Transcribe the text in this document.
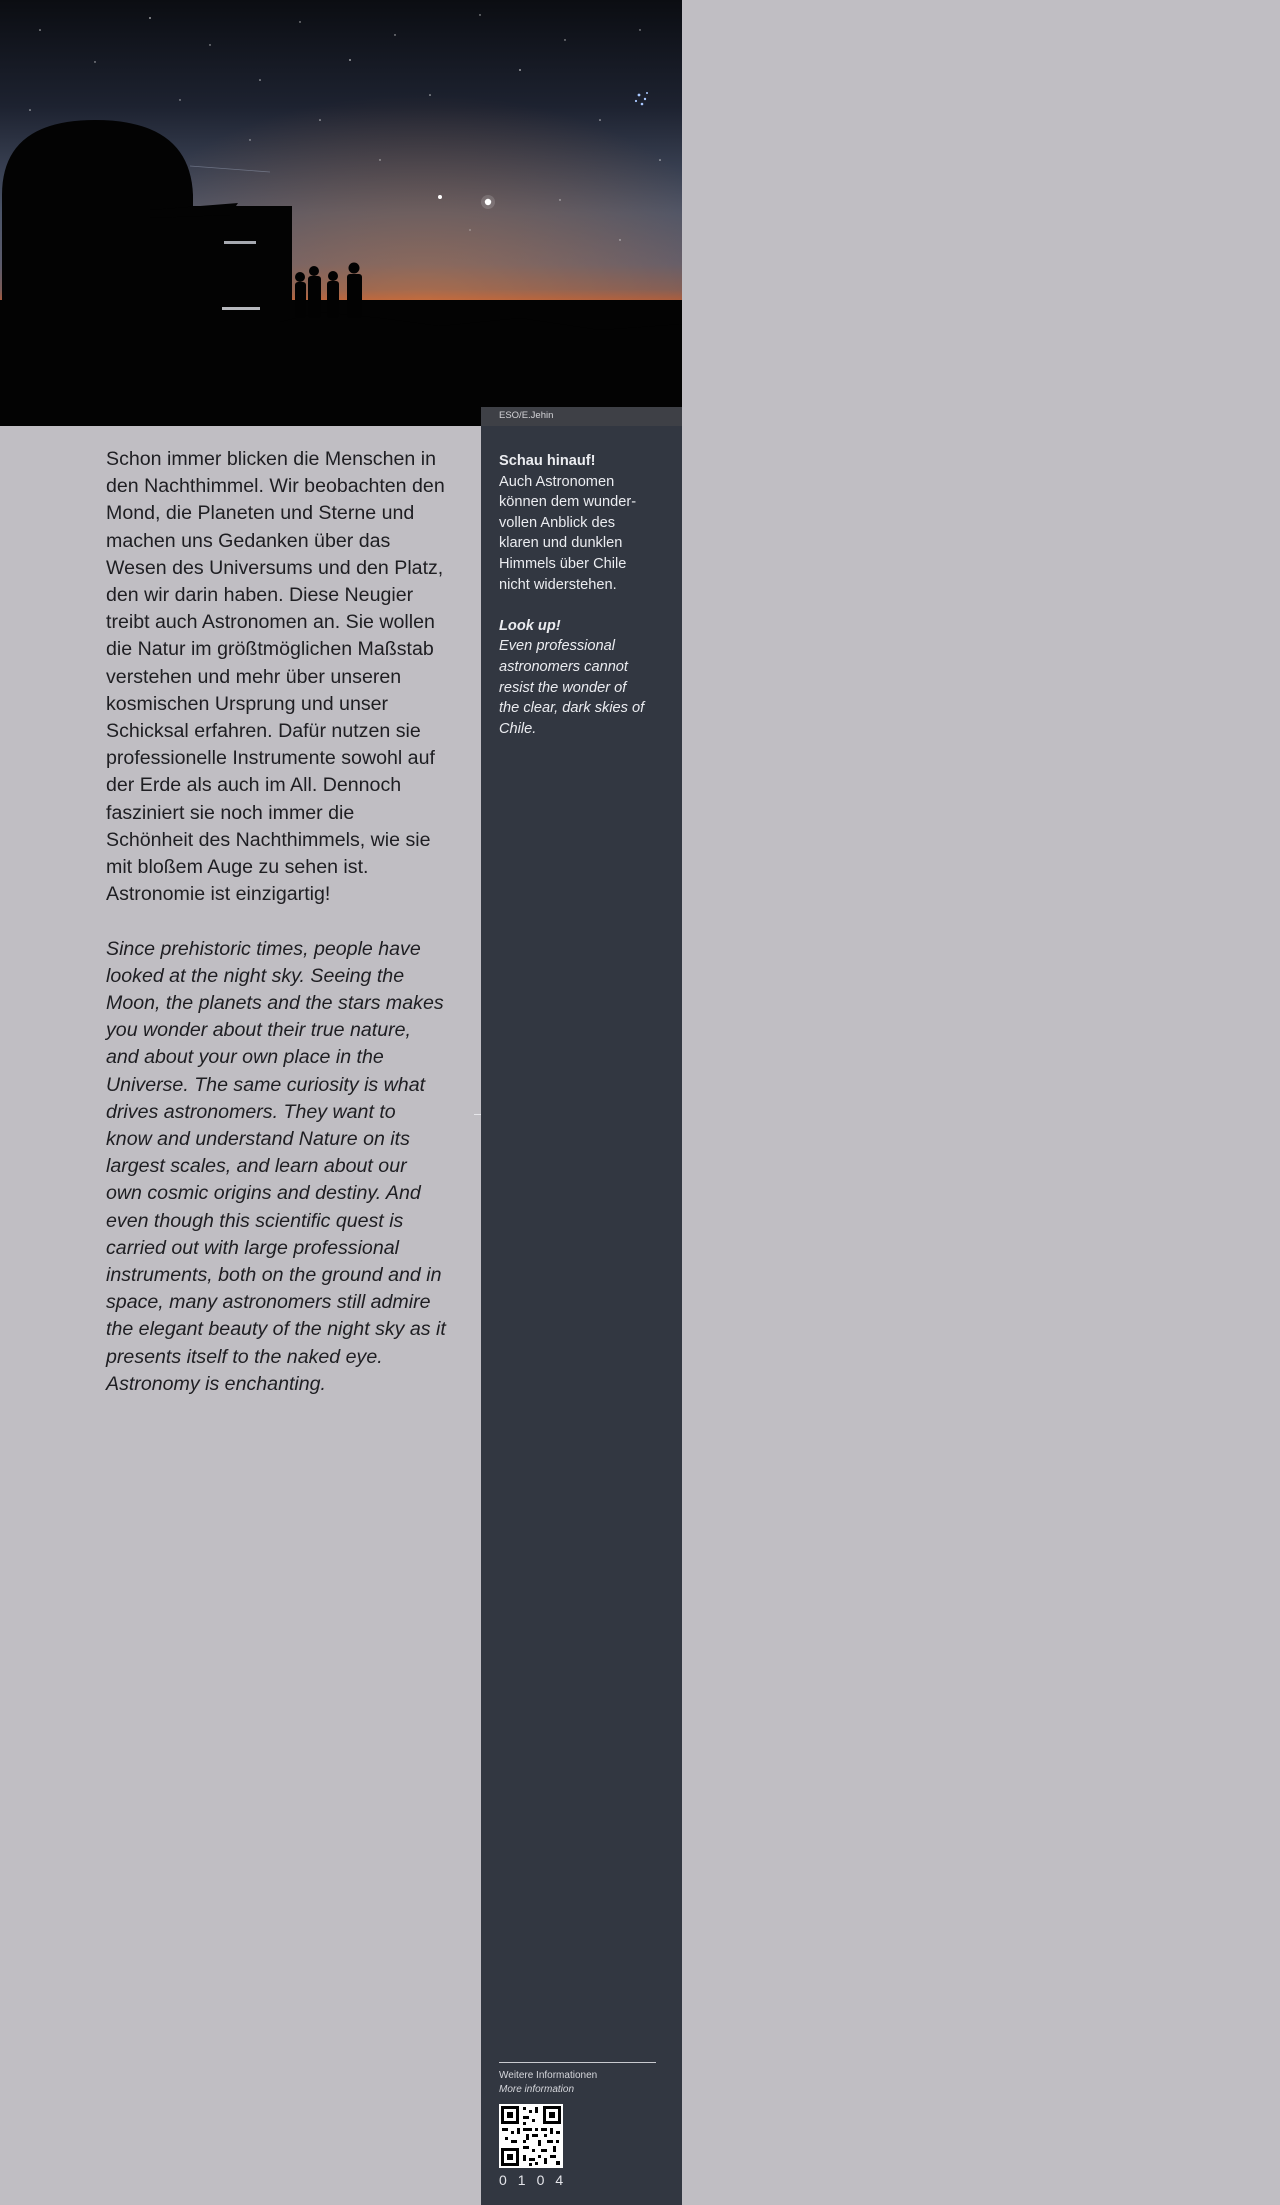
ESO/E.Jehin

Schon immer blicken die Menschen in den Nachthimmel. Wir beobachten den Mond, die Planeten und Sterne und machen uns Gedanken über das Wesen des Universums und den Platz, den wir darin haben. Diese Neugier treibt auch Astronomen an. Sie wollen die Natur im größtmöglichen Maßstab verstehen und mehr über unseren kosmischen Ursprung und unser Schicksal erfahren. Dafür nutzen sie professionelle Instrumente sowohl auf der Erde als auch im All. Dennoch fasziniert sie noch immer die Schönheit des Nachthimmels, wie sie mit bloßem Auge zu sehen ist. Astronomie ist einzigartig!

Since prehistoric times, people have looked at the night sky. Seeing the Moon, the planets and the stars makes you wonder about their true nature, and about your own place in the Universe. The same curiosity is what drives astronomers. They want to know and understand Nature on its largest scales, and learn about our own cosmic origins and destiny. And even though this scientific quest is carried out with large professional instruments, both on the ground and in space, many astronomers still admire the elegant beauty of the night sky as it presents itself to the naked eye. Astronomy is enchanting.

Schau hinauf!

Auch Astronomen können dem wundervollen Anblick des klaren und dunklen Himmels über Chile nicht widerstehen.

Look up!

Even professional astronomers cannot resist the wonder of the clear, dark skies of Chile.

Weitere Informationen
More information
0104
